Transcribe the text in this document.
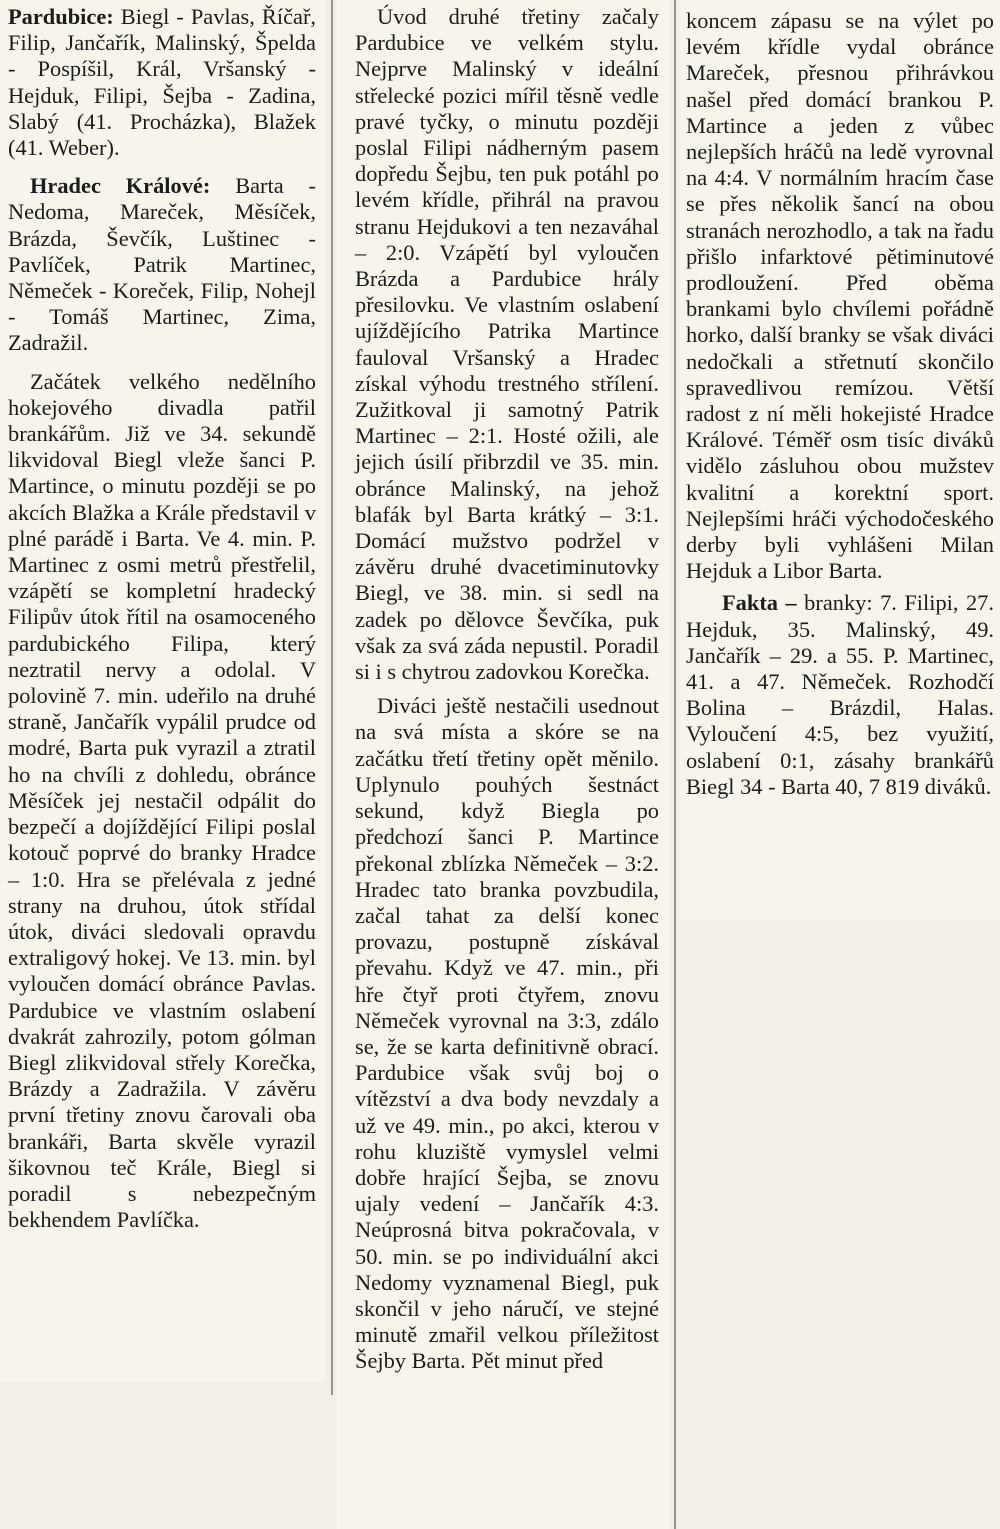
Pardubice: Biegl - Pavlas, Říčař, Filip, Jančařík, Malinský, Špelda - Pospíšil, Král, Vršanský - Hejduk, Filipi, Šejba - Zadina, Slabý (41. Procházka), Blažek (41. Weber).

Hradec Králové: Barta - Nedoma, Mareček, Měsíček, Brázda, Ševčík, Luštinec - Pavlíček, Patrik Martinec, Němeček - Koreček, Filip, Nohejl - Tomáš Martinec, Zima, Zadražil.

Začátek velkého nedělního hokejového divadla patřil brankářům. Již ve 34. sekundě likvidoval Biegl vleže šanci P. Martince, o minutu později se po akcích Blažka a Krále představil v plné parádě i Barta. Ve 4. min. P. Martinec z osmi metrů přestřelil, vzápětí se kompletní hradecký Filipův útok řítil na osamoceného pardubického Filipa, který neztratil nervy a odolal. V polovině 7. min. udeřilo na druhé straně, Jančařík vypálil prudce od modré, Barta puk vyrazil a ztratil ho na chvíli z dohledu, obránce Měsíček jej nestačil odpálit do bezpečí a dojíždějící Filipi poslal kotouč poprvé do branky Hradce – 1:0. Hra se přelévala z jedné strany na druhou, útok střídal útok, diváci sledovali opravdu extraligový hokej. Ve 13. min. byl vyloučen domácí obránce Pavlas. Pardubice ve vlastním oslabení dvakrát zahrozily, potom gólman Biegl zlikvidoval střely Korečka, Brázdy a Zadražila. V závěru první třetiny znovu čarovali oba brankáři, Barta skvěle vyrazil šikovnou teč Krále, Biegl si poradil s nebezpečným bekhendem Pavlíčka.

Úvod druhé třetiny začaly Pardubice ve velkém stylu. Nejprve Malinský v ideální střelecké pozici mířil těsně vedle pravé tyčky, o minutu později poslal Filipi nádherným pasem dopředu Šejbu, ten puk potáhl po levém křídle, přihrál na pravou stranu Hejdukovi a ten nezaváhal – 2:0. Vzápětí byl vyloučen Brázda a Pardubice hrály přesilovku. Ve vlastním oslabení ujíždějícího Patrika Martince fauloval Vršanský a Hradec získal výhodu trestného střílení. Zužitkoval ji samotný Patrik Martinec – 2:1. Hosté ožili, ale jejich úsilí přibrzdil ve 35. min. obránce Malinský, na jehož blafák byl Barta krátký – 3:1. Domácí mužstvo podržel v závěru druhé dvacetiminutovky Biegl, ve 38. min. si sedl na zadek po dělovce Ševčíka, puk však za svá záda nepustil. Poradil si i s chytrou zadovkou Korečka.

Diváci ještě nestačili usednout na svá místa a skóre se na začátku třetí třetiny opět měnilo. Uplynulo pouhých šestnáct sekund, když Biegla po předchozí šanci P. Martince překonal zblízka Němeček – 3:2. Hradec tato branka povzbudila, začal tahat za delší konec provazu, postupně získával převahu. Když ve 47. min., při hře čtyř proti čtyřem, znovu Němeček vyrovnal na 3:3, zdálo se, že se karta definitivně obrací. Pardubice však svůj boj o vítězství a dva body nevzdaly a už ve 49. min., po akci, kterou v rohu kluziště vymyslel velmi dobře hrající Šejba, se znovu ujaly vedení – Jančařík 4:3. Neúprosná bitva pokračovala, v 50. min. se po individuální akci Nedomy vyznamenal Biegl, puk skončil v jeho náručí, ve stejné minutě zmařil velkou příležitost Šejby Barta. Pět minut před

koncem zápasu se na výlet po levém křídle vydal obránce Mareček, přesnou přihrávkou našel před domácí brankou P. Martince a jeden z vůbec nejlepších hráčů na ledě vyrovnal na 4:4. V normálním hracím čase se přes několik šancí na obou stranách nerozhodlo, a tak na řadu přišlo infarktové pětiminutové prodloužení. Před oběma brankami bylo chvílemi pořádně horko, další branky se však diváci nedočkali a střetnutí skončilo spravedlivou remízou. Větší radost z ní měli hokejisté Hradce Králové. Téměř osm tisíc diváků vidělo zásluhou obou mužstev kvalitní a korektní sport. Nejlepšími hráči východočeského derby byli vyhlášeni Milan Hejduk a Libor Barta.

Fakta – branky: 7. Filipi, 27. Hejduk, 35. Malinský, 49. Jančařík – 29. a 55. P. Martinec, 41. a 47. Němeček. Rozhodčí Bolina – Brázdil, Halas. Vyloučení 4:5, bez využití, oslabení 0:1, zásahy brankářů Biegl 34 - Barta 40, 7 819 diváků.
